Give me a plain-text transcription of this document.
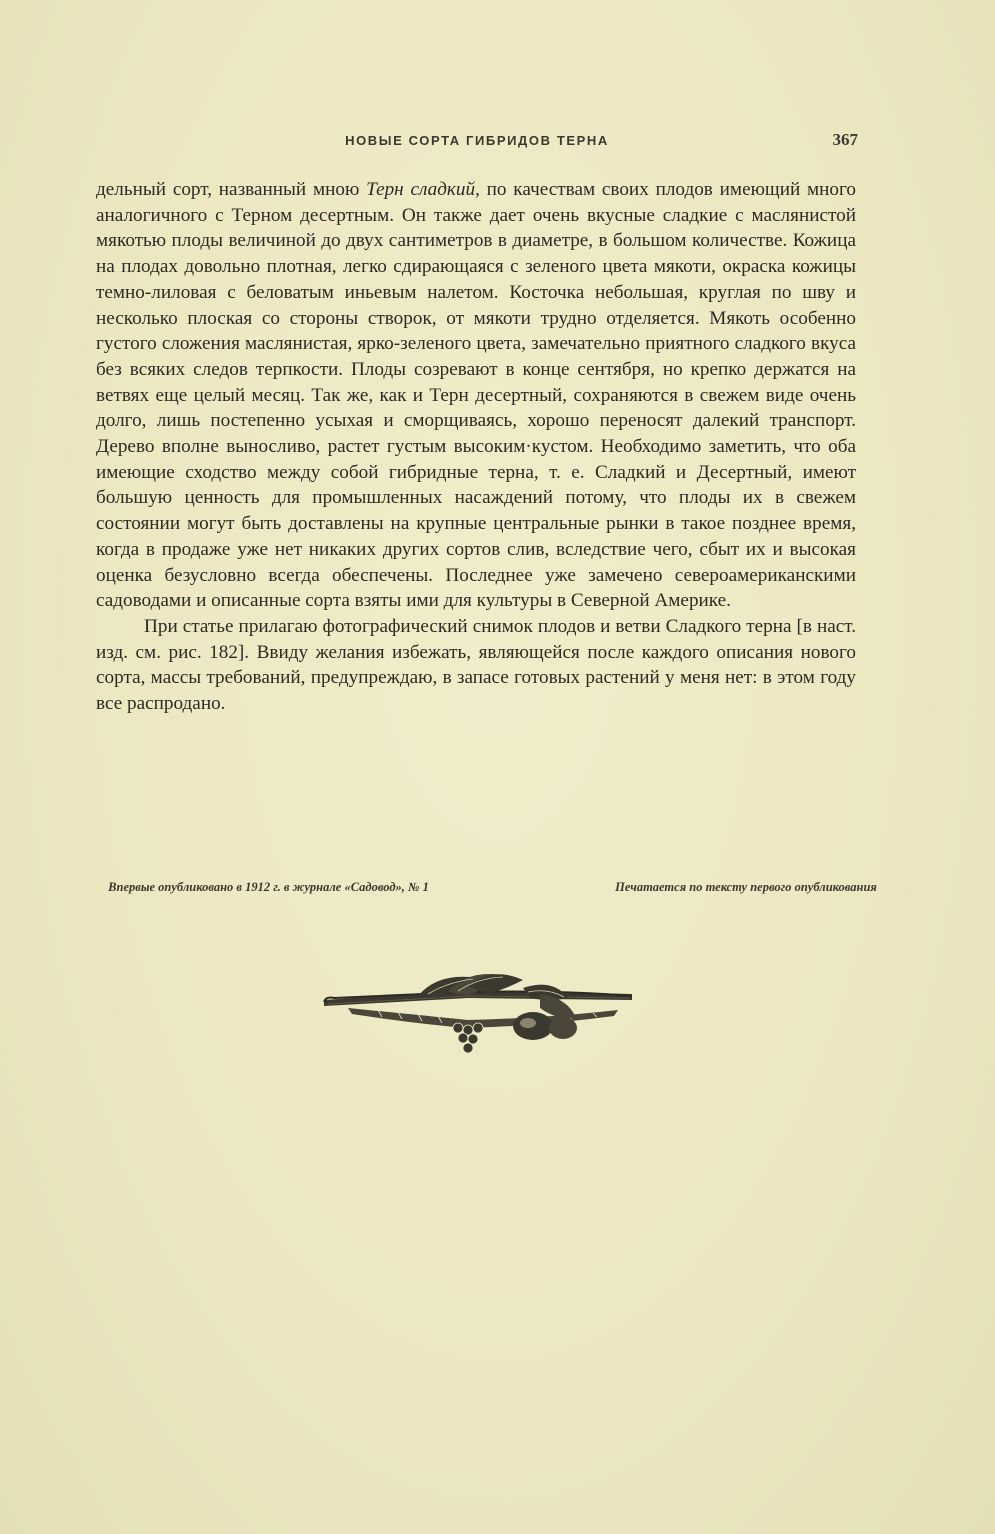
НОВЫЕ СОРТА ГИБРИДОВ ТЕРНА	367

дельный сорт, названный мною Терн сладкий, по качествам своих плодов имеющий много аналогичного с Терном десертным. Он также дает очень вкусные сладкие с маслянистой мякотью плоды величиной до двух сантиметров в диаметре, в большом количестве. Кожица на плодах довольно плотная, легко сдирающаяся с зеленого цвета мякоти, окраска кожицы темно-лиловая с беловатым иньевым налетом. Косточка небольшая, круглая по шву и несколько плоская со стороны створок, от мякоти трудно отделяется. Мякоть особенно густого сложения маслянистая, ярко-зеленого цвета, замечательно приятного сладкого вкуса без всяких следов терпкости. Плоды созревают в конце сентября, но крепко держатся на ветвях еще целый месяц. Так же, как и Терн десертный, сохраняются в свежем виде очень долго, лишь постепенно усыхая и сморщиваясь, хорошо переносят далекий транспорт. Дерево вполне выносливо, растет густым высоким·кустом. Необходимо заметить, что оба имеющие сходство между собой гибридные терна, т. е. Сладкий и Десертный, имеют большую ценность для промышленных насаждений потому, что плоды их в свежем состоянии могут быть доставлены на крупные центральные рынки в такое позднее время, когда в продаже уже нет никаких других сортов слив, вследствие чего, сбыт их и высокая оценка безусловно всегда обеспечены. Последнее уже замечено североамериканскими садоводами и описанные сорта взяты ими для культуры в Северной Америке.

При статье прилагаю фотографический снимок плодов и ветви Сладкого терна [в наст. изд. см. рис. 182]. Ввиду желания избежать, являющейся после каждого описания нового сорта, массы требований, предупреждаю, в запасе готовых растений у меня нет: в этом году все распродано.

Впервые опубликовано в 1912 г. в журнале «Садовод», № 1	Печатается по тексту первого опубликования
